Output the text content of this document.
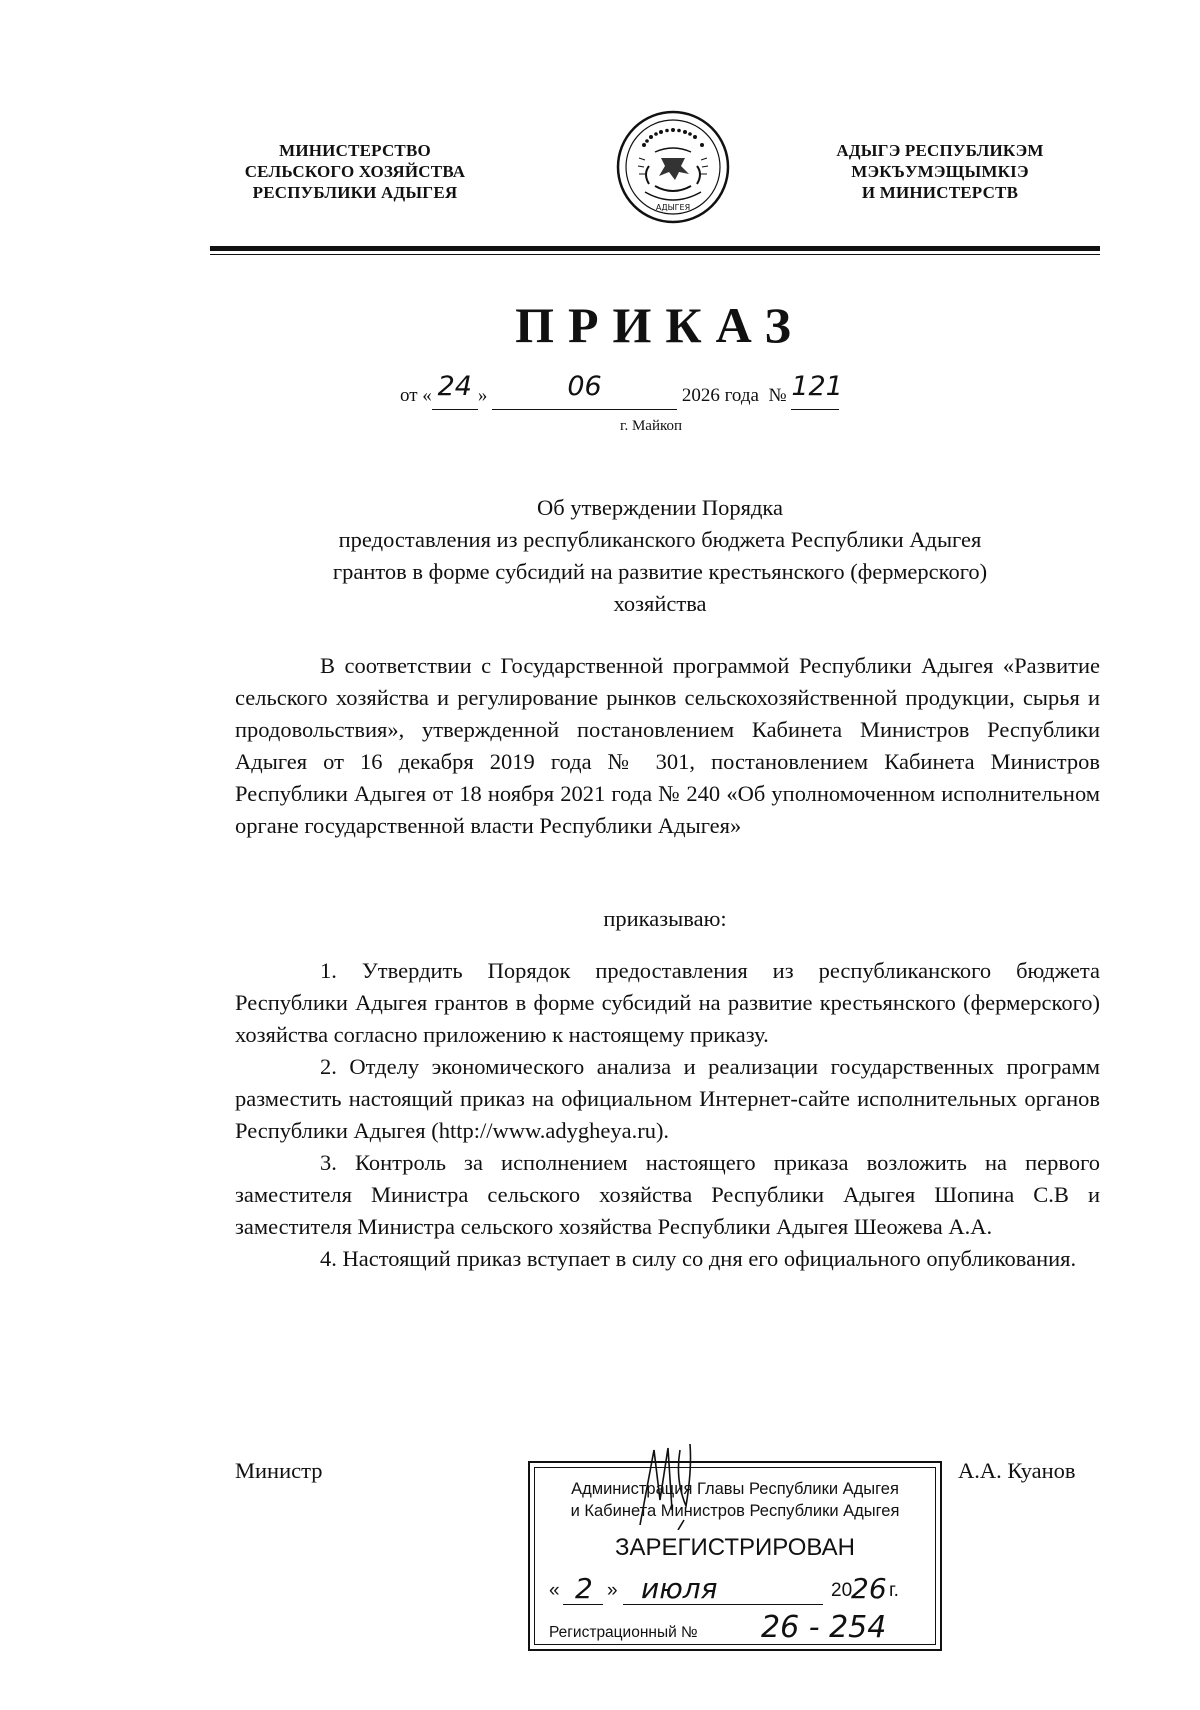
МИНИСТЕРСТВО
СЕЛЬСКОГО ХОЗЯЙСТВА
РЕСПУБЛИКИ АДЫГЕЯ
АДЫГЕЯ
АДЫГЭ РЕСПУБЛИКЭМ
МЭКЪУМЭЩЫМКIЭ
И МИНИСТЕРСТВ
ПРИКАЗ
от « 24 »	06	2026 года № 121
г. Майкоп
Об утверждении Порядка
предоставления из республиканского бюджета Республики Адыгея
грантов в форме субсидий на развитие крестьянского (фермерского)
хозяйства
В соответствии с Государственной программой Республики Адыгея «Развитие сельского хозяйства и регулирование рынков сельскохозяйственной продукции, сырья и продовольствия», утвержденной постановлением Кабинета Министров Республики Адыгея от 16 декабря 2019 года № 301, постановлением Кабинета Министров Республики Адыгея от 18 ноября 2021 года № 240 «Об уполномоченном исполнительном органе государственной власти Республики Адыгея»
приказываю:

1. Утвердить Порядок предоставления из республиканского бюджета Республики Адыгея грантов в форме субсидий на развитие крестьянского (фермерского) хозяйства согласно приложению к настоящему приказу.

2. Отделу экономического анализа и реализации государственных программ разместить настоящий приказ на официальном Интернет-сайте исполнительных органов Республики Адыгея (http://www.adygheya.ru).

3. Контроль за исполнением настоящего приказа возложить на первого заместителя Министра сельского хозяйства Республики Адыгея Шопина С.В и заместителя Министра сельского хозяйства Республики Адыгея Шеожева А.А.

4. Настоящий приказ вступает в силу со дня его официального опубликования.

Министр	А.А. Куанов
Администрация Главы Республики Адыгея
и Кабинета Министров Республики Адыгея
ЗАРЕГИСТРИРОВАН
« 2 » июля	20
26 г.
Регистрационный № 26 - 254
